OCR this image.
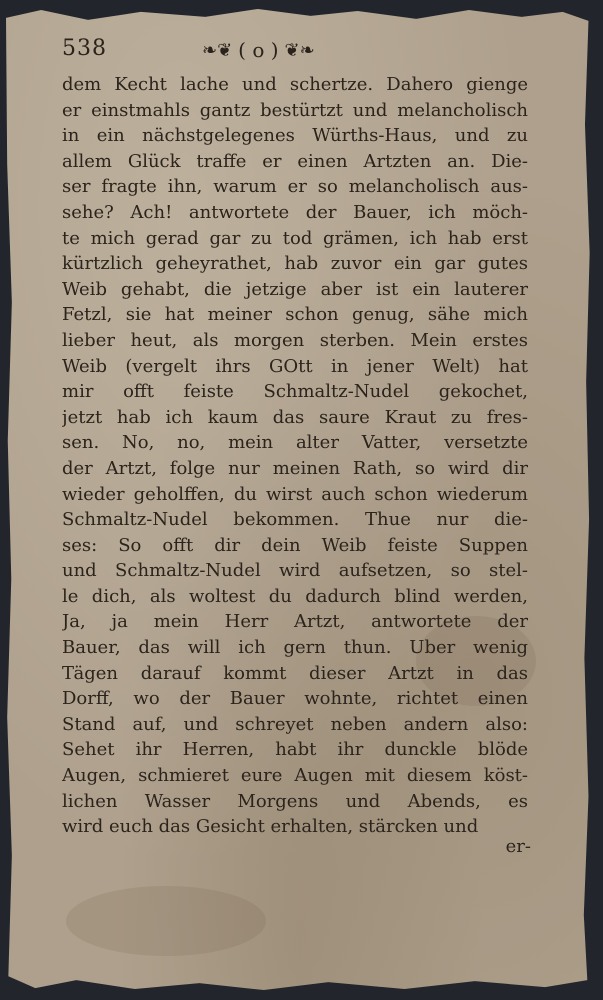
538	❧❦ ( o ) ❦❧
dem Kecht lache und schertze. Dahero gienge
er einstmahls gantz bestürtzt und melancholisch
in ein nächstgelegenes Würths-Haus, und zu
allem Glück traffe er einen Artzten an. Die-
ser fragte ihn, warum er so melancholisch aus-
sehe? Ach! antwortete der Bauer, ich möch-
te mich gerad gar zu tod grämen, ich hab erst
kürtzlich geheyrathet, hab zuvor ein gar gutes
Weib gehabt, die jetzige aber ist ein lauterer
Fetzl, sie hat meiner schon genug, sähe mich
lieber heut, als morgen sterben. Mein erstes
Weib (vergelt ihrs GOtt in jener Welt) hat
mir offt feiste Schmaltz-Nudel gekochet,
jetzt hab ich kaum das saure Kraut zu fres-
sen. No, no, mein alter Vatter, versetzte
der Artzt, folge nur meinen Rath, so wird dir
wieder geholffen, du wirst auch schon wiederum
Schmaltz-Nudel bekommen. Thue nur die-
ses: So offt dir dein Weib feiste Suppen
und Schmaltz-Nudel wird aufsetzen, so stel-
le dich, als woltest du dadurch blind werden,
Ja, ja mein Herr Artzt, antwortete der
Bauer, das will ich gern thun. Uber wenig
Tägen darauf kommt dieser Artzt in das
Dorff, wo der Bauer wohnte, richtet einen
Stand auf, und schreyet neben andern also:
Sehet ihr Herren, habt ihr dunckle blöde
Augen, schmieret eure Augen mit diesem köst-
lichen Wasser Morgens und Abends, es
wird euch das Gesicht erhalten, stärcken und
er-
